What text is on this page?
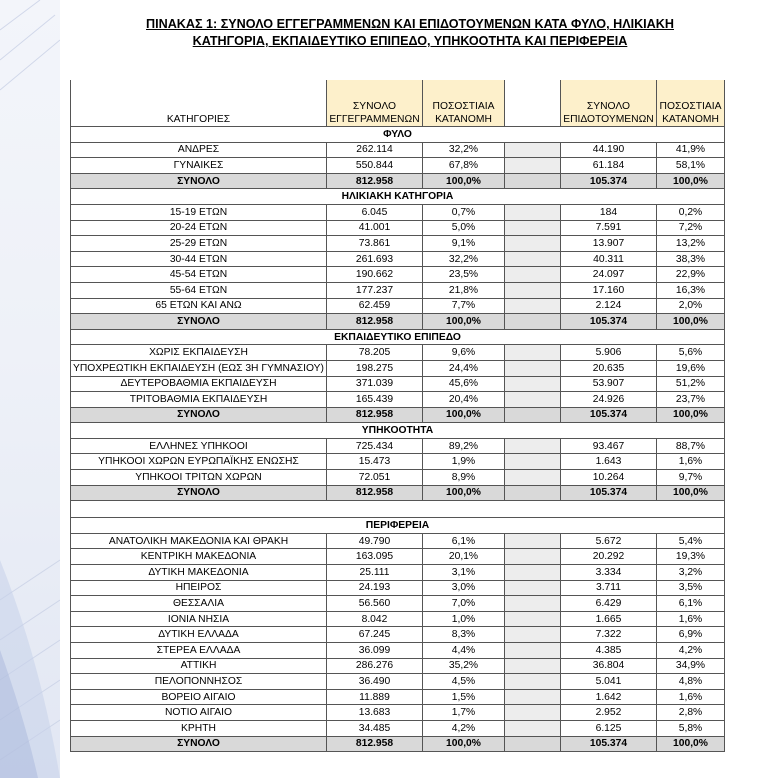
ΠΙΝΑΚΑΣ 1: ΣΥΝΟΛΟ ΕΓΓΕΓΡΑΜΜΕΝΩΝ ΚΑΙ ΕΠΙΔΟΤΟΥΜΕΝΩΝ ΚΑΤΑ ΦΥΛΟ, ΗΛΙΚΙΑΚΗ
ΚΑΤΗΓΟΡΙΑ, ΕΚΠΑΙΔΕΥΤΙΚΟ ΕΠΙΠΕΔΟ, ΥΠΗΚΟΟΤΗΤΑ ΚΑΙ ΠΕΡΙΦΕΡΕΙΑ
ΚΑΤΗΓΟΡΙΕΣ	ΣΥΝΟΛΟ ΕΓΓΕΓΡΑΜΜΕΝΩΝ	ΠΟΣΟΣΤΙΑΙΑ ΚΑΤΑΝΟΜΗ		ΣΥΝΟΛΟ ΕΠΙΔΟΤΟΥΜΕΝΩΝ	ΠΟΣΟΣΤΙΑΙΑ ΚΑΤΑΝΟΜΗ
ΦΥΛΟ					
ΑΝΔΡΕΣ	262.114	32,2%		44.190	41,9%
ΓΥΝΑΙΚΕΣ	550.844	67,8%		61.184	58,1%
ΣΥΝΟΛΟ	812.958	100,0%		105.374	100,0%
ΗΛΙΚΙΑΚΗ ΚΑΤΗΓΟΡΙΑ					
15-19 ΕΤΩΝ	6.045	0,7%		184	0,2%
20-24 ΕΤΩΝ	41.001	5,0%		7.591	7,2%
25-29 ΕΤΩΝ	73.861	9,1%		13.907	13,2%
30-44 ΕΤΩΝ	261.693	32,2%		40.311	38,3%
45-54 ΕΤΩΝ	190.662	23,5%		24.097	22,9%
55-64 ΕΤΩΝ	177.237	21,8%		17.160	16,3%
65 ΕΤΩΝ ΚΑΙ ΑΝΩ	62.459	7,7%		2.124	2,0%
ΣΥΝΟΛΟ	812.958	100,0%		105.374	100,0%
ΕΚΠΑΙΔΕΥΤΙΚΟ ΕΠΙΠΕΔΟ					
ΧΩΡΙΣ ΕΚΠΑΙΔΕΥΣΗ	78.205	9,6%		5.906	5,6%
ΥΠΟΧΡΕΩΤΙΚΗ ΕΚΠΑΙΔΕΥΣΗ (ΕΩΣ 3Η ΓΥΜΝΑΣΙΟΥ)	198.275	24,4%		20.635	19,6%
ΔΕΥΤΕΡΟΒΑΘΜΙΑ ΕΚΠΑΙΔΕΥΣΗ	371.039	45,6%		53.907	51,2%
ΤΡΙΤΟΒΑΘΜΙΑ ΕΚΠΑΙΔΕΥΣΗ	165.439	20,4%		24.926	23,7%
ΣΥΝΟΛΟ	812.958	100,0%		105.374	100,0%
ΥΠΗΚΟΟΤΗΤΑ					
ΕΛΛΗΝΕΣ ΥΠΗΚΟΟΙ	725.434	89,2%		93.467	88,7%
ΥΠΗΚΟΟΙ ΧΩΡΩΝ ΕΥΡΩΠΑΪΚΗΣ ΕΝΩΣΗΣ	15.473	1,9%		1.643	1,6%
ΥΠΗΚΟΟΙ ΤΡΙΤΩΝ ΧΩΡΩΝ	72.051	8,9%		10.264	9,7%
ΣΥΝΟΛΟ	812.958	100,0%		105.374	100,0%

ΠΕΡΙΦΕΡΕΙΑ					
ΑΝΑΤΟΛΙΚΗ ΜΑΚΕΔΟΝΙΑ ΚΑΙ ΘΡΑΚΗ	49.790	6,1%		5.672	5,4%
ΚΕΝΤΡΙΚΗ ΜΑΚΕΔΟΝΙΑ	163.095	20,1%		20.292	19,3%
ΔΥΤΙΚΗ ΜΑΚΕΔΟΝΙΑ	25.111	3,1%		3.334	3,2%
ΗΠΕΙΡΟΣ	24.193	3,0%		3.711	3,5%
ΘΕΣΣΑΛΙΑ	56.560	7,0%		6.429	6,1%
ΙΟΝΙΑ ΝΗΣΙΑ	8.042	1,0%		1.665	1,6%
ΔΥΤΙΚΗ ΕΛΛΑΔΑ	67.245	8,3%		7.322	6,9%
ΣΤΕΡΕΑ ΕΛΛΑΔΑ	36.099	4,4%		4.385	4,2%
ΑΤΤΙΚΗ	286.276	35,2%		36.804	34,9%
ΠΕΛΟΠΟΝΝΗΣΟΣ	36.490	4,5%		5.041	4,8%
ΒΟΡΕΙΟ ΑΙΓΑΙΟ	11.889	1,5%		1.642	1,6%
ΝΟΤΙΟ ΑΙΓΑΙΟ	13.683	1,7%		2.952	2,8%
ΚΡΗΤΗ	34.485	4,2%		6.125	5,8%
ΣΥΝΟΛΟ	812.958	100,0%		105.374	100,0%
